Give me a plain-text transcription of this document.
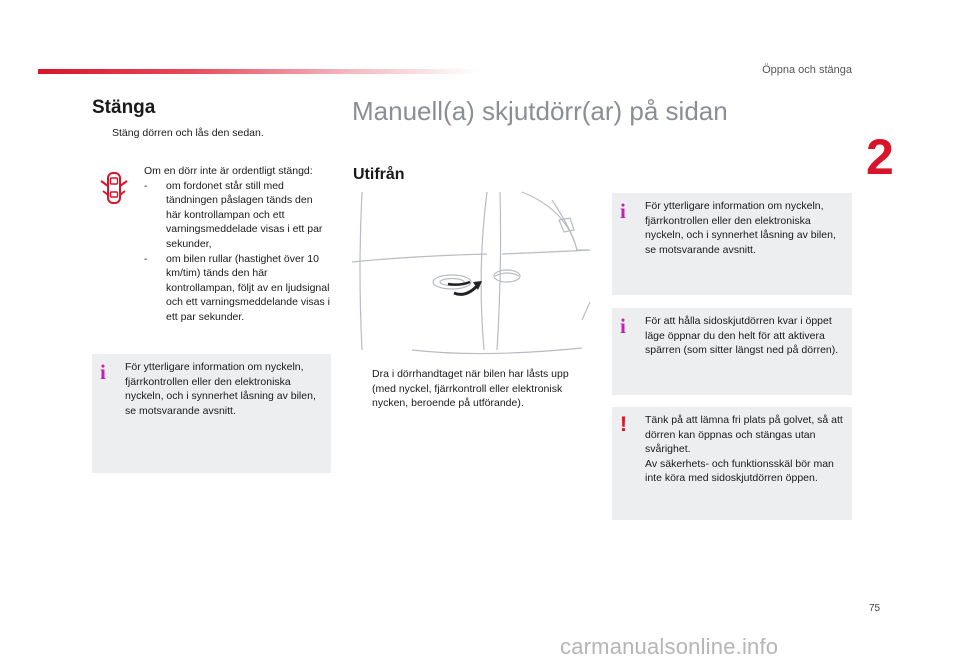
Öppna och stänga
2
Stänga
Stäng dörren och lås den sedan.
Om en dörr inte är ordentligt stängd:
-	om fordonet står still med tändningen påslagen tänds den här kontrollampan och ett varningsmeddelade visas i ett par sekunder,
-	om bilen rullar (hastighet över 10 km/tim) tänds den här kontrollampan, följt av en ljudsignal och ett varningsmeddelande visas i ett par sekunder.
i	För ytterligare information om nyckeln, fjärrkontrollen eller den elektroniska nyckeln, och i synnerhet låsning av bilen, se motsvarande avsnitt.
Manuell(a) skjutdörr(ar) på sidan
Utifrån
Dra i dörrhandtaget när bilen har låsts upp (med nyckel, fjärrkontroll eller elektronisk nycken, beroende på utförande).
i	För ytterligare information om nyckeln, fjärrkontrollen eller den elektroniska nyckeln, och i synnerhet låsning av bilen, se motsvarande avsnitt.
i	För att hålla sidoskjutdörren kvar i öppet läge öppnar du den helt för att aktivera spärren (som sitter längst ned på dörren).
!	Tänk på att lämna fri plats på golvet, så att dörren kan öppnas och stängas utan svårighet.
Av säkerhets- och funktionsskäl bör man inte köra med sidoskjutdörren öppen.
75
carmanualsonline.info
